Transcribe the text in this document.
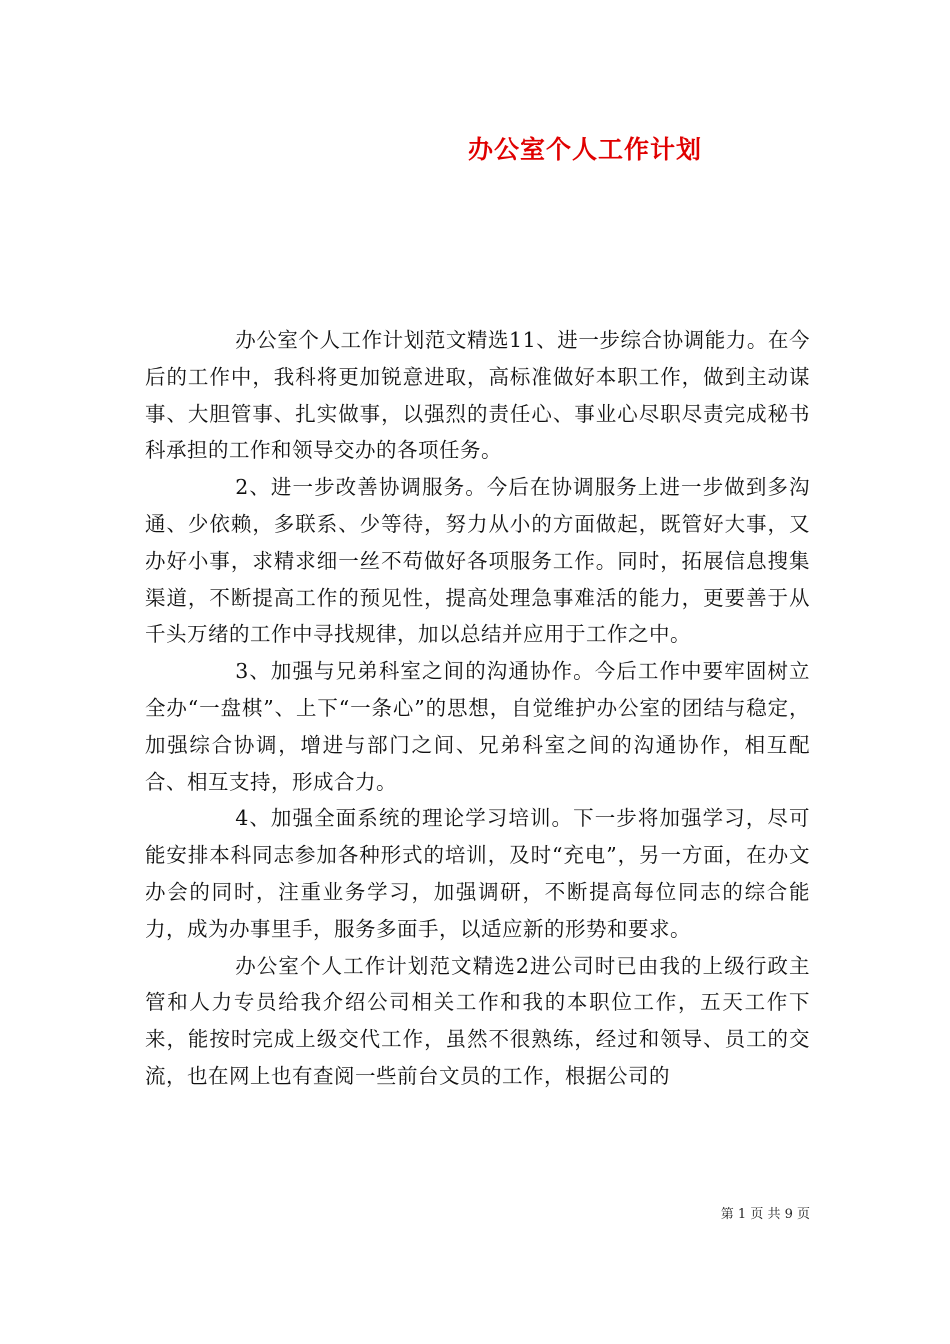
办公室个人工作计划

办公室个人工作计划范文精选11、进一步综合协调能力。在今后的工作中，我科将更加锐意进取，高标准做好本职工作，做到主动谋事、大胆管事、扎实做事，以强烈的责任心、事业心尽职尽责完成秘书科承担的工作和领导交办的各项任务。

2、进一步改善协调服务。今后在协调服务上进一步做到多沟通、少依赖，多联系、少等待，努力从小的方面做起，既管好大事，又办好小事，求精求细一丝不苟做好各项服务工作。同时，拓展信息搜集渠道，不断提高工作的预见性，提高处理急事难活的能力，更要善于从千头万绪的工作中寻找规律，加以总结并应用于工作之中。

3、加强与兄弟科室之间的沟通协作。今后工作中要牢固树立全办“一盘棋”、上下“一条心”的思想，自觉维护办公室的团结与稳定，加强综合协调，增进与部门之间、兄弟科室之间的沟通协作，相互配合、相互支持，形成合力。

4、加强全面系统的理论学习培训。下一步将加强学习，尽可能安排本科同志参加各种形式的培训，及时“充电”，另一方面，在办文办会的同时，注重业务学习，加强调研，不断提高每位同志的综合能力，成为办事里手，服务多面手，以适应新的形势和要求。

办公室个人工作计划范文精选2进公司时已由我的上级行政主管和人力专员给我介绍公司相关工作和我的本职位工作，五天工作下来，能按时完成上级交代工作，虽然不很熟练，经过和领导、员工的交流，也在网上也有查阅一些前台文员的工作，根据公司的

第 1 页 共 9 页
